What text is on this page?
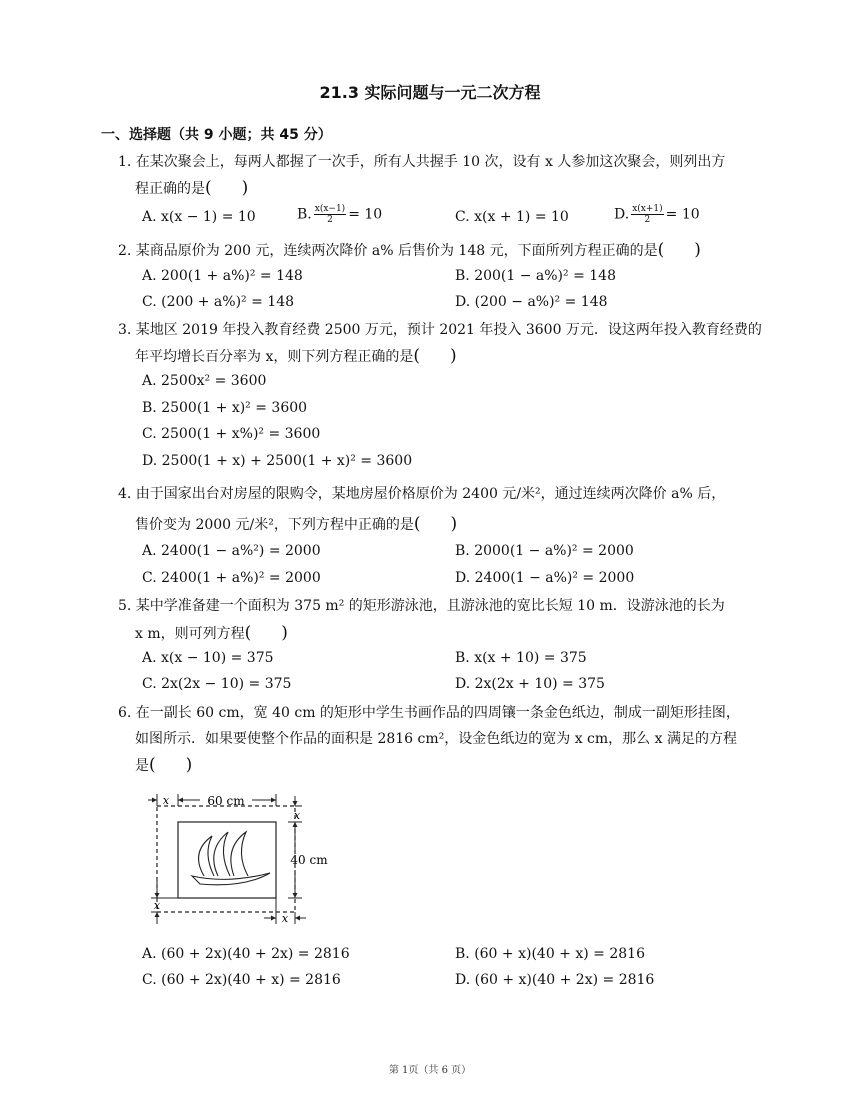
21.3 实际问题与一元二次方程
一、选择题（共 9 小题；共 45 分）
1. 在某次聚会上，每两人都握了一次手，所有人共握手 10 次，设有 x 人参加这次聚会，则列出方
程正确的是( )
A. x(x − 1) = 10	B. $\frac{x(x-1)}{2} = 10$	C. x(x + 1) = 10	D. $\frac{x(x+1)}{2} = 10$
2. 某商品原价为 200 元，连续两次降价 a% 后售价为 148 元，下面所列方程正确的是( )
A. 200(1 + a%)² = 148	B. 200(1 − a%)² = 148
C. (200 + a%)² = 148	D. (200 − a%)² = 148
3. 某地区 2019 年投入教育经费 2500 万元，预计 2021 年投入 3600 万元．设这两年投入教育经费的
年平均增长百分率为 x，则下列方程正确的是( )
A. 2500x² = 3600
B. 2500(1 + x)² = 3600
C. 2500(1 + x%)² = 3600
D. 2500(1 + x) + 2500(1 + x)² = 3600
4. 由于国家出台对房屋的限购令，某地房屋价格原价为 2400 元/米²，通过连续两次降价 a% 后，
售价变为 2000 元/米²，下列方程中正确的是( )
A. 2400(1 − a%²) = 2000	B. 2000(1 − a%)² = 2000
C. 2400(1 + a%)² = 2000	D. 2400(1 − a%)² = 2000
5. 某中学准备建一个面积为 375 m² 的矩形游泳池，且游泳池的宽比长短 10 m．设游泳池的长为
x m，则可列方程( )
A. x(x − 10) = 375	B. x(x + 10) = 375
C. 2x(2x − 10) = 375	D. 2x(2x + 10) = 375
6. 在一副长 60 cm，宽 40 cm 的矩形中学生书画作品的四周镶一条金色纸边，制成一副矩形挂图，
如图所示．如果要使整个作品的面积是 2816 cm²，设金色纸边的宽为 x cm，那么 x 满足的方程
是( )
x	60 cm
x
40 cm
x
x
A. (60 + 2x)(40 + 2x) = 2816	B. (60 + x)(40 + x) = 2816
C. (60 + 2x)(40 + x) = 2816	D. (60 + x)(40 + 2x) = 2816
第 1页（共 6 页）
